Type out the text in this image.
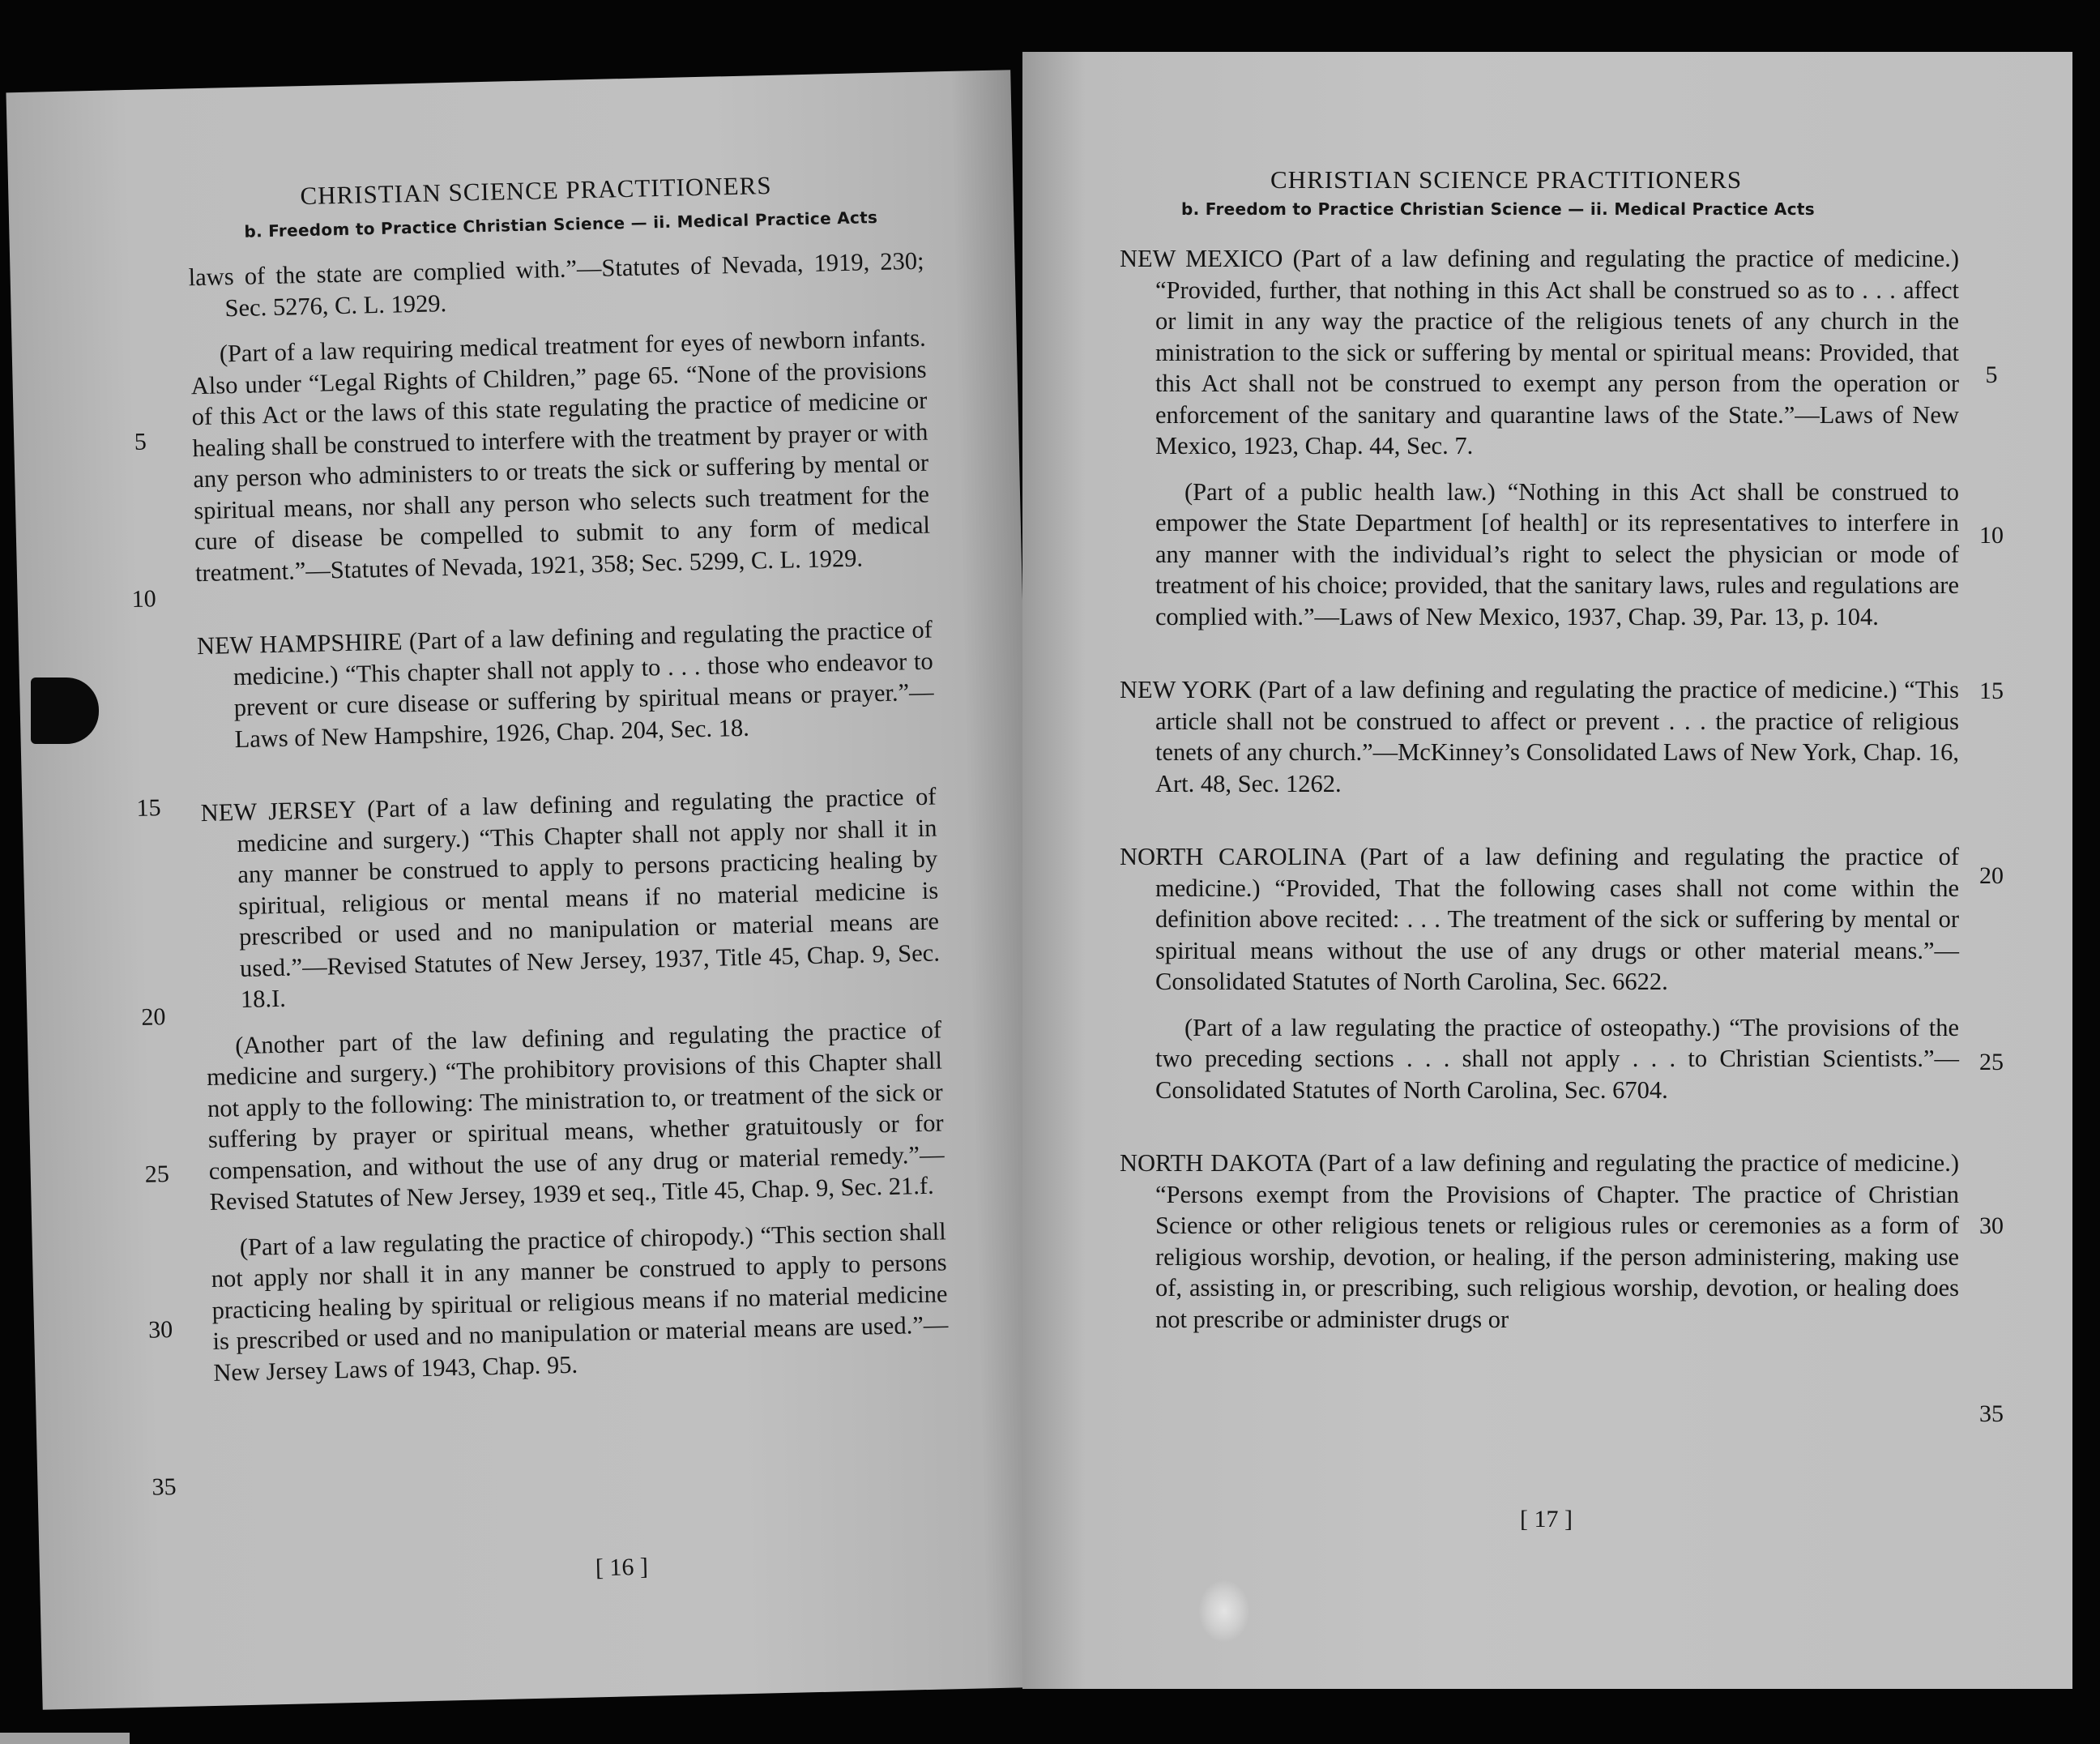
CHRISTIAN SCIENCE PRACTITIONERS
b. Freedom to Practice Christian Science — ii. Medical Practice Acts

laws of the state are complied with.”—Statutes of Nevada, 1919, 230; Sec. 5276, C. L. 1929.

(Part of a law requiring medical treatment for eyes of newborn infants. Also under “Legal Rights of Children,” page 65. “None of the provisions of this Act or the laws of this state regulating the practice of medicine or healing shall be construed to interfere with the treatment by prayer or with any person who administers to or treats the sick or suffering by mental or spiritual means, nor shall any person who selects such treatment for the cure of disease be compelled to submit to any form of medical treatment.”—Statutes of Nevada, 1921, 358; Sec. 5299, C. L. 1929.

NEW HAMPSHIRE (Part of a law defining and regulating the practice of medicine.) “This chapter shall not apply to . . . those who endeavor to prevent or cure disease or suffering by spiritual means or prayer.”—Laws of New Hampshire, 1926, Chap. 204, Sec. 18.

NEW JERSEY (Part of a law defining and regulating the practice of medicine and surgery.) “This Chapter shall not apply nor shall it in any manner be construed to apply to persons practicing healing by spiritual, religious or mental means if no material medicine is prescribed or used and no manipulation or material means are used.”—Revised Statutes of New Jersey, 1937, Title 45, Chap. 9, Sec. 18.I.

(Another part of the law defining and regulating the practice of medicine and surgery.) “The prohibitory provisions of this Chapter shall not apply to the following: The ministration to, or treatment of the sick or suffering by prayer or spiritual means, whether gratuitously or for compensation, and without the use of any drug or material remedy.”—Revised Statutes of New Jersey, 1939 et seq., Title 45, Chap. 9, Sec. 21.f.

(Part of a law regulating the practice of chiropody.) “This section shall not apply nor shall it in any manner be construed to apply to persons practicing healing by spiritual or religious means if no material medicine is prescribed or used and no manipulation or material means are used.”—New Jersey Laws of 1943, Chap. 95.

5
10
15
20
25
30
35
[ 16 ]
CHRISTIAN SCIENCE PRACTITIONERS
b. Freedom to Practice Christian Science — ii. Medical Practice Acts

NEW MEXICO (Part of a law defining and regulating the practice of medicine.) “Provided, further, that nothing in this Act shall be construed so as to . . . affect or limit in any way the practice of the religious tenets of any church in the ministration to the sick or suffering by mental or spiritual means: Provided, that this Act shall not be construed to exempt any person from the operation or enforcement of the sanitary and quarantine laws of the State.”—Laws of New Mexico, 1923, Chap. 44, Sec. 7.

(Part of a public health law.) “Nothing in this Act shall be construed to empower the State Department [of health] or its representatives to interfere in any manner with the individual’s right to select the physician or mode of treatment of his choice; provided, that the sanitary laws, rules and regulations are complied with.”—Laws of New Mexico, 1937, Chap. 39, Par. 13, p. 104.

NEW YORK (Part of a law defining and regulating the practice of medicine.) “This article shall not be construed to affect or prevent . . . the practice of religious tenets of any church.”—McKinney’s Consolidated Laws of New York, Chap. 16, Art. 48, Sec. 1262.

NORTH CAROLINA (Part of a law defining and regulating the practice of medicine.) “Provided, That the following cases shall not come within the definition above recited: . . . The treatment of the sick or suffering by mental or spiritual means without the use of any drugs or other material means.”—Consolidated Statutes of North Carolina, Sec. 6622.

(Part of a law regulating the practice of osteopathy.) “The provisions of the two preceding sections . . . shall not apply . . . to Christian Scientists.”—Consolidated Statutes of North Carolina, Sec. 6704.

NORTH DAKOTA (Part of a law defining and regulating the practice of medicine.) “Persons exempt from the Provisions of Chapter. The practice of Christian Science or other religious tenets or religious rules or ceremonies as a form of religious worship, devotion, or healing, if the person administering, making use of, assisting in, or prescribing, such religious worship, devotion, or healing does not prescribe or administer drugs or

5
10
15
20
25
30
35
[ 17 ]
